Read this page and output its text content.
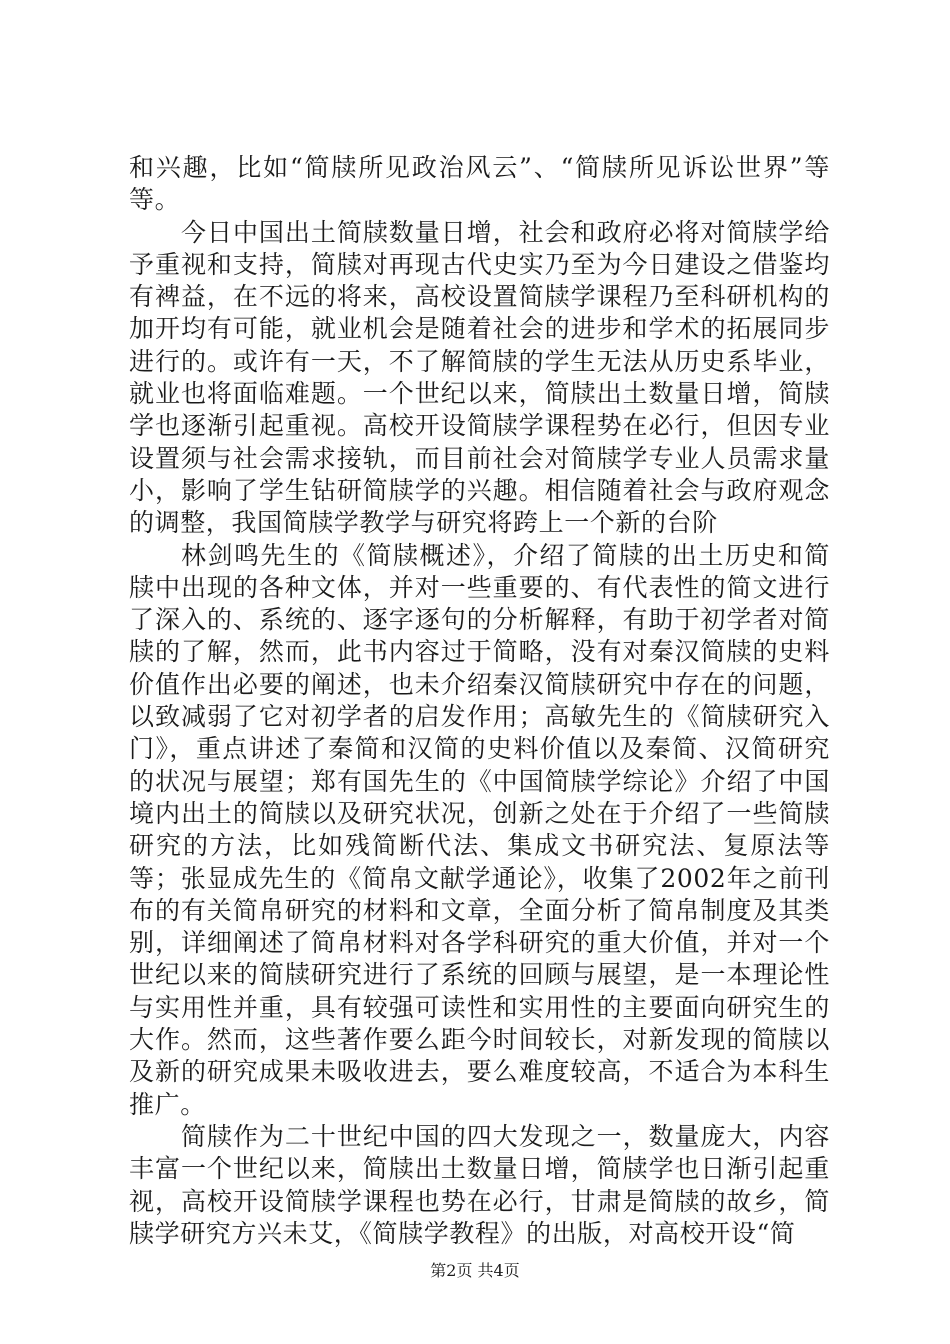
和兴趣，比如“简牍所见政治风云”、“简牍所见诉讼世界”等等。

今日中国出土简牍数量日增，社会和政府必将对简牍学给予重视和支持，简牍对再现古代史实乃至为今日建设之借鉴均有裨益，在不远的将来，高校设置简牍学课程乃至科研机构的加开均有可能，就业机会是随着社会的进步和学术的拓展同步进行的。或许有一天，不了解简牍的学生无法从历史系毕业，就业也将面临难题。一个世纪以来，简牍出土数量日增，简牍学也逐渐引起重视。高校开设简牍学课程势在必行，但因专业设置须与社会需求接轨，而目前社会对简牍学专业人员需求量小，影响了学生钻研简牍学的兴趣。相信随着社会与政府观念的调整，我国简牍学教学与研究将跨上一个新的台阶

林剑鸣先生的《简牍概述》，介绍了简牍的出土历史和简牍中出现的各种文体，并对一些重要的、有代表性的简文进行了深入的、系统的、逐字逐句的分析解释，有助于初学者对简牍的了解，然而，此书内容过于简略，没有对秦汉简牍的史料价值作出必要的阐述，也未介绍秦汉简牍研究中存在的问题，以致减弱了它对初学者的启发作用；高敏先生的《简牍研究入门》，重点讲述了秦简和汉简的史料价值以及秦简、汉简研究的状况与展望；郑有国先生的《中国简牍学综论》介绍了中国境内出土的简牍以及研究状况，创新之处在于介绍了一些简牍研究的方法，比如残简断代法、集成文书研究法、复原法等等；张显成先生的《简帛文献学通论》，收集了2002年之前刊布的有关简帛研究的材料和文章，全面分析了简帛制度及其类别，详细阐述了简帛材料对各学科研究的重大价值，并对一个世纪以来的简牍研究进行了系统的回顾与展望，是一本理论性与实用性并重，具有较强可读性和实用性的主要面向研究生的大作。然而，这些著作要么距今时间较长，对新发现的简牍以及新的研究成果未吸收进去，要么难度较高，不适合为本科生推广。

简牍作为二十世纪中国的四大发现之一，数量庞大，内容丰富一个世纪以来，简牍出土数量日增，简牍学也日渐引起重视，高校开设简牍学课程也势在必行，甘肃是简牍的故乡，简牍学研究方兴未艾，《简牍学教程》的出版，对高校开设“简

第2页 共4页
